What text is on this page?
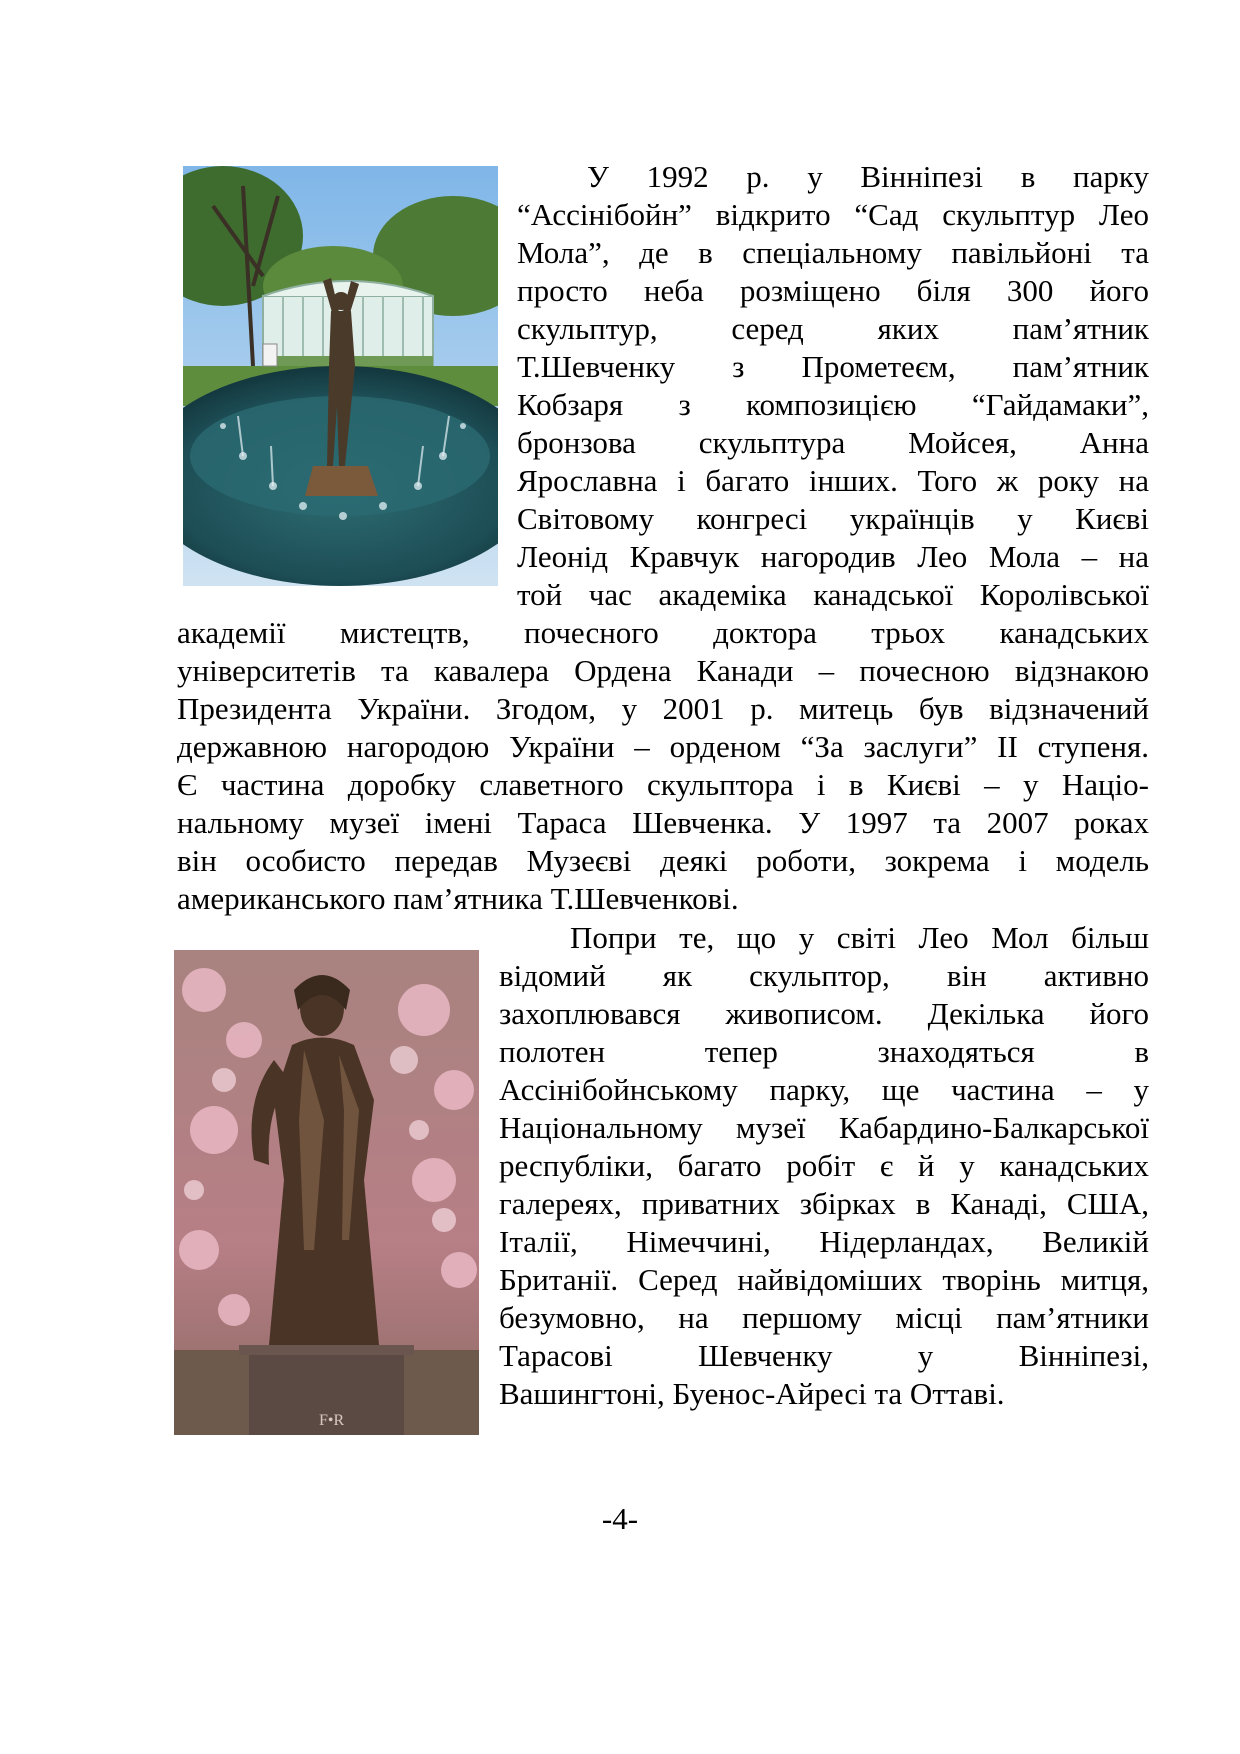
У 1992 р. у Вінніпезі в парку
“Ассінібойн” відкрито “Сад скульптур Лео
Мола”, де в спеціальному павільйоні та
просто неба розміщено біля 300 його
скульптур, серед яких пам’ятник
Т.Шевченку з Прометеєм, пам’ятник
Кобзаря з композицією “Гайдамаки”,
бронзова скульптура Мойсея, Анна
Ярославна і багато інших. Того ж року на
Світовому конгресі українців у Києві
Леонід Кравчук нагородив Лео Мола – на
той час академіка канадської Королівської
академії мистецтв, почесного доктора трьох канадських
університетів та кавалера Ордена Канади – почесною відзнакою
Президента України. Згодом, у 2001 р. митець був відзначений
державною нагородою України – орденом “За заслуги” ІІ ступеня.
Є частина доробку славетного скульптора і в Києві – у Націо-
нальному музеї імені Тараса Шевченка. У 1997 та 2007 роках
він особисто передав Музеєві деякі роботи, зокрема і модель
американського пам’ятника Т.Шевченкові.
F•R
Попри те, що у світі Лео Мол більш
відомий як скульптор, він активно
захоплювався живописом. Декілька його
полотен тепер знаходяться в
Ассінібойнському парку, ще частина – у
Національному музеї Кабардино-Балкарської
республіки, багато робіт є й у канадських
галереях, приватних збірках в Канаді, США,
Італії, Німеччині, Нідерландах, Великій
Британії. Серед найвідоміших творінь митця,
безумовно, на першому місці пам’ятники
Тарасові Шевченку у Вінніпезі,
Вашингтоні, Буенос-Айресі та Оттаві.
-4-
